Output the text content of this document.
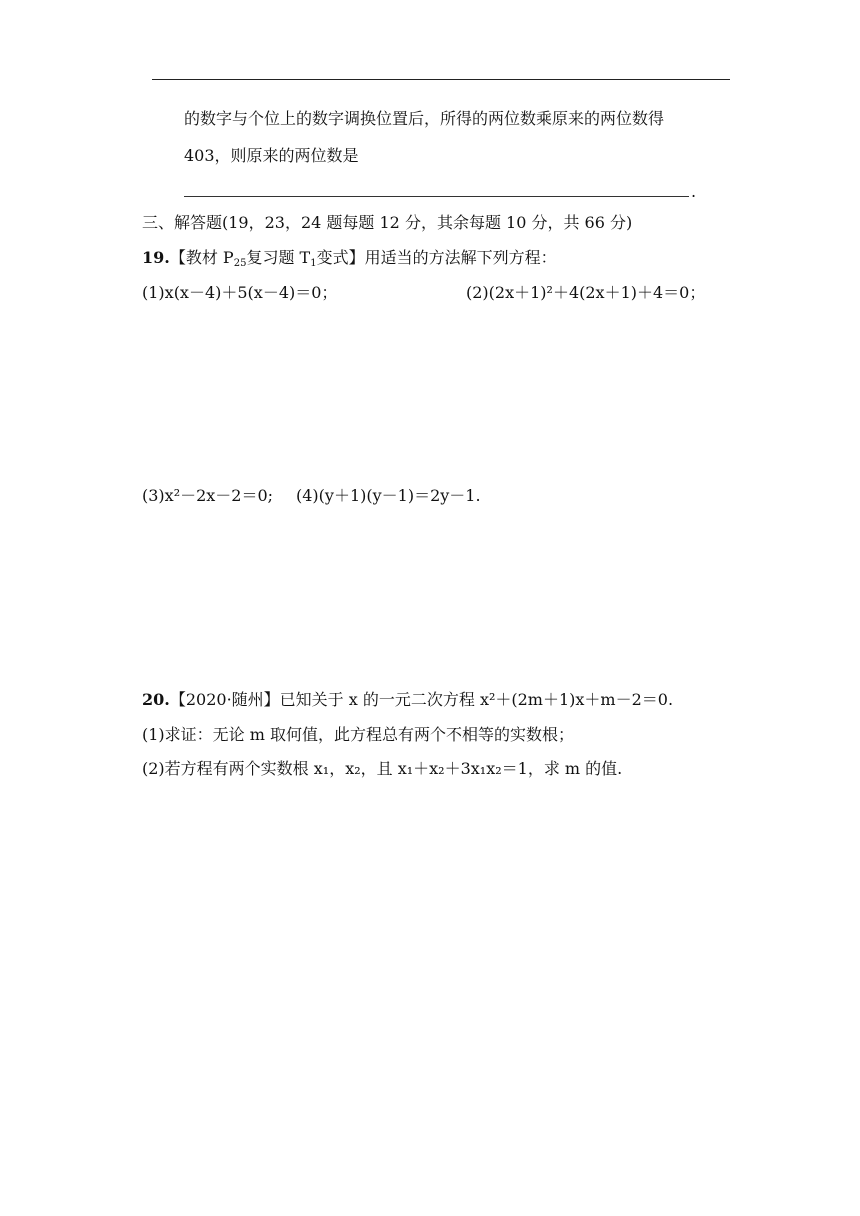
的数字与个位上的数字调换位置后，所得的两位数乘原来的两位数得
403，则原来的两位数是
.
三、解答题(19，23，24 题每题 12 分，其余每题 10 分，共 66 分)
19.【教材 $P_{25}$复习题 $T_1$变式】用适当的方法解下列方程：
(1)x(x－4)＋5(x－4)＝0；	(2)(2x＋1)²＋4(2x＋1)＋4＝0；
(3)x²－2x－2＝0; (4)(y＋1)(y－1)＝2y－1.
20.【2020·随州】已知关于 x 的一元二次方程 x²＋(2m＋1)x＋m－2＝0.
(1)求证：无论 m 取何值，此方程总有两个不相等的实数根；
(2)若方程有两个实数根 x₁，x₂，且 x₁＋x₂＋3x₁x₂＝1，求 m 的值.
